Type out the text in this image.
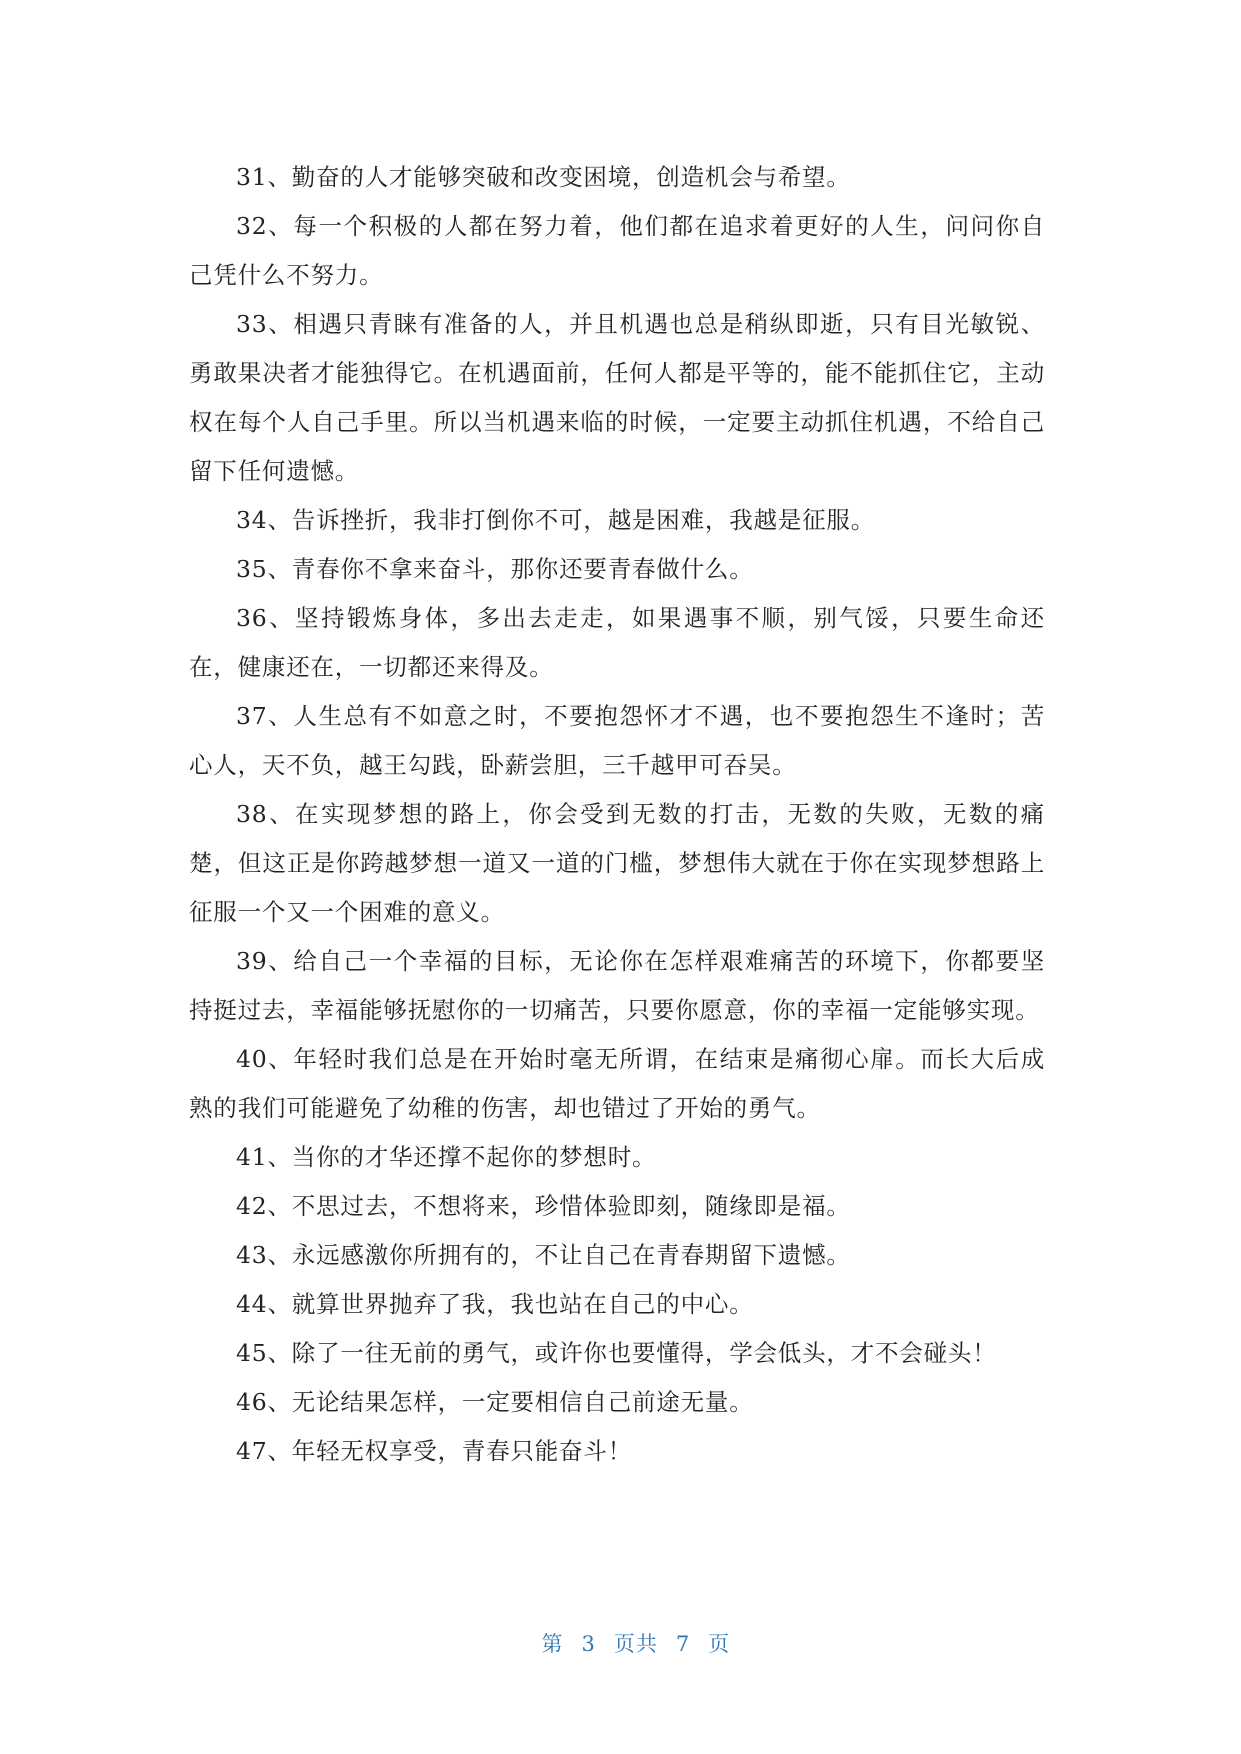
31、勤奋的人才能够突破和改变困境，创造机会与希望。

32、每一个积极的人都在努力着，他们都在追求着更好的人生，问问你自己凭什么不努力。

33、相遇只青睐有准备的人，并且机遇也总是稍纵即逝，只有目光敏锐、勇敢果决者才能独得它。在机遇面前，任何人都是平等的，能不能抓住它，主动权在每个人自己手里。所以当机遇来临的时候，一定要主动抓住机遇，不给自己留下任何遗憾。

34、告诉挫折，我非打倒你不可，越是困难，我越是征服。

35、青春你不拿来奋斗，那你还要青春做什么。

36、坚持锻炼身体，多出去走走，如果遇事不顺，别气馁，只要生命还在，健康还在，一切都还来得及。

37、人生总有不如意之时，不要抱怨怀才不遇，也不要抱怨生不逢时；苦心人，天不负，越王勾践，卧薪尝胆，三千越甲可吞吴。

38、在实现梦想的路上，你会受到无数的打击，无数的失败，无数的痛楚，但这正是你跨越梦想一道又一道的门槛，梦想伟大就在于你在实现梦想路上征服一个又一个困难的意义。

39、给自己一个幸福的目标，无论你在怎样艰难痛苦的环境下，你都要坚持挺过去，幸福能够抚慰你的一切痛苦，只要你愿意，你的幸福一定能够实现。

40、年轻时我们总是在开始时毫无所谓，在结束是痛彻心扉。而长大后成熟的我们可能避免了幼稚的伤害，却也错过了开始的勇气。

41、当你的才华还撑不起你的梦想时。

42、不思过去，不想将来，珍惜体验即刻，随缘即是福。

43、永远感激你所拥有的，不让自己在青春期留下遗憾。

44、就算世界抛弃了我，我也站在自己的中心。

45、除了一往无前的勇气，或许你也要懂得，学会低头，才不会碰头！

46、无论结果怎样，一定要相信自己前途无量。

47、年轻无权享受，青春只能奋斗！

第 3 页共 7 页
